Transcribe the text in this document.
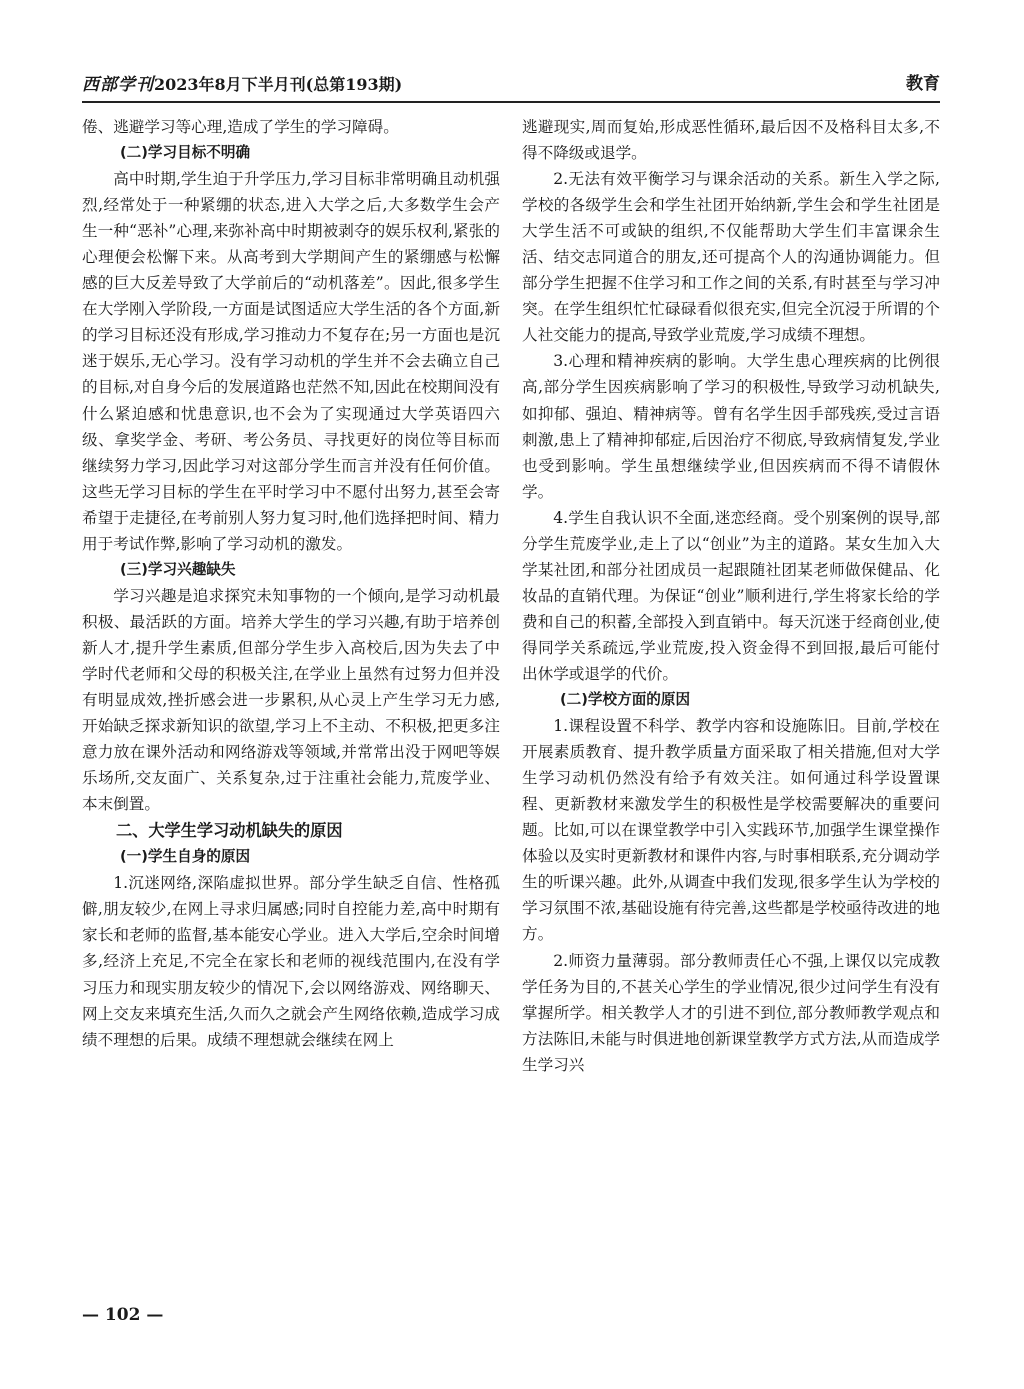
西部学刊2023年8月下半月刊(总第193期)	教育

倦、逃避学习等心理,造成了学生的学习障碍。

(二)学习目标不明确

高中时期,学生迫于升学压力,学习目标非常明确且动机强烈,经常处于一种紧绷的状态,进入大学之后,大多数学生会产生一种“恶补”心理,来弥补高中时期被剥夺的娱乐权利,紧张的心理便会松懈下来。从高考到大学期间产生的紧绷感与松懈感的巨大反差导致了大学前后的“动机落差”。因此,很多学生在大学刚入学阶段,一方面是试图适应大学生活的各个方面,新的学习目标还没有形成,学习推动力不复存在;另一方面也是沉迷于娱乐,无心学习。没有学习动机的学生并不会去确立自己的目标,对自身今后的发展道路也茫然不知,因此在校期间没有什么紧迫感和忧患意识,也不会为了实现通过大学英语四六级、拿奖学金、考研、考公务员、寻找更好的岗位等目标而继续努力学习,因此学习对这部分学生而言并没有任何价值。这些无学习目标的学生在平时学习中不愿付出努力,甚至会寄希望于走捷径,在考前别人努力复习时,他们选择把时间、精力用于考试作弊,影响了学习动机的激发。

(三)学习兴趣缺失

学习兴趣是追求探究未知事物的一个倾向,是学习动机最积极、最活跃的方面。培养大学生的学习兴趣,有助于培养创新人才,提升学生素质,但部分学生步入高校后,因为失去了中学时代老师和父母的积极关注,在学业上虽然有过努力但并没有明显成效,挫折感会进一步累积,从心灵上产生学习无力感,开始缺乏探求新知识的欲望,学习上不主动、不积极,把更多注意力放在课外活动和网络游戏等领域,并常常出没于网吧等娱乐场所,交友面广、关系复杂,过于注重社会能力,荒废学业、本末倒置。

二、大学生学习动机缺失的原因
(一)学生自身的原因

1.沉迷网络,深陷虚拟世界。部分学生缺乏自信、性格孤僻,朋友较少,在网上寻求归属感;同时自控能力差,高中时期有家长和老师的监督,基本能安心学业。进入大学后,空余时间增多,经济上充足,不完全在家长和老师的视线范围内,在没有学习压力和现实朋友较少的情况下,会以网络游戏、网络聊天、网上交友来填充生活,久而久之就会产生网络依赖,造成学习成绩不理想的后果。成绩不理想就会继续在网上

逃避现实,周而复始,形成恶性循环,最后因不及格科目太多,不得不降级或退学。

2.无法有效平衡学习与课余活动的关系。新生入学之际,学校的各级学生会和学生社团开始纳新,学生会和学生社团是大学生活不可或缺的组织,不仅能帮助大学生们丰富课余生活、结交志同道合的朋友,还可提高个人的沟通协调能力。但部分学生把握不住学习和工作之间的关系,有时甚至与学习冲突。在学生组织忙忙碌碌看似很充实,但完全沉浸于所谓的个人社交能力的提高,导致学业荒废,学习成绩不理想。

3.心理和精神疾病的影响。大学生患心理疾病的比例很高,部分学生因疾病影响了学习的积极性,导致学习动机缺失,如抑郁、强迫、精神病等。曾有名学生因手部残疾,受过言语刺激,患上了精神抑郁症,后因治疗不彻底,导致病情复发,学业也受到影响。学生虽想继续学业,但因疾病而不得不请假休学。

4.学生自我认识不全面,迷恋经商。受个别案例的误导,部分学生荒废学业,走上了以“创业”为主的道路。某女生加入大学某社团,和部分社团成员一起跟随社团某老师做保健品、化妆品的直销代理。为保证“创业”顺利进行,学生将家长给的学费和自己的积蓄,全部投入到直销中。每天沉迷于经商创业,使得同学关系疏远,学业荒废,投入资金得不到回报,最后可能付出休学或退学的代价。

(二)学校方面的原因

1.课程设置不科学、教学内容和设施陈旧。目前,学校在开展素质教育、提升教学质量方面采取了相关措施,但对大学生学习动机仍然没有给予有效关注。如何通过科学设置课程、更新教材来激发学生的积极性是学校需要解决的重要问题。比如,可以在课堂教学中引入实践环节,加强学生课堂操作体验以及实时更新教材和课件内容,与时事相联系,充分调动学生的听课兴趣。此外,从调查中我们发现,很多学生认为学校的学习氛围不浓,基础设施有待完善,这些都是学校亟待改进的地方。

2.师资力量薄弱。部分教师责任心不强,上课仅以完成教学任务为目的,不甚关心学生的学业情况,很少过问学生有没有掌握所学。相关教学人才的引进不到位,部分教师教学观点和方法陈旧,未能与时俱进地创新课堂教学方式方法,从而造成学生学习兴

— 102 —
